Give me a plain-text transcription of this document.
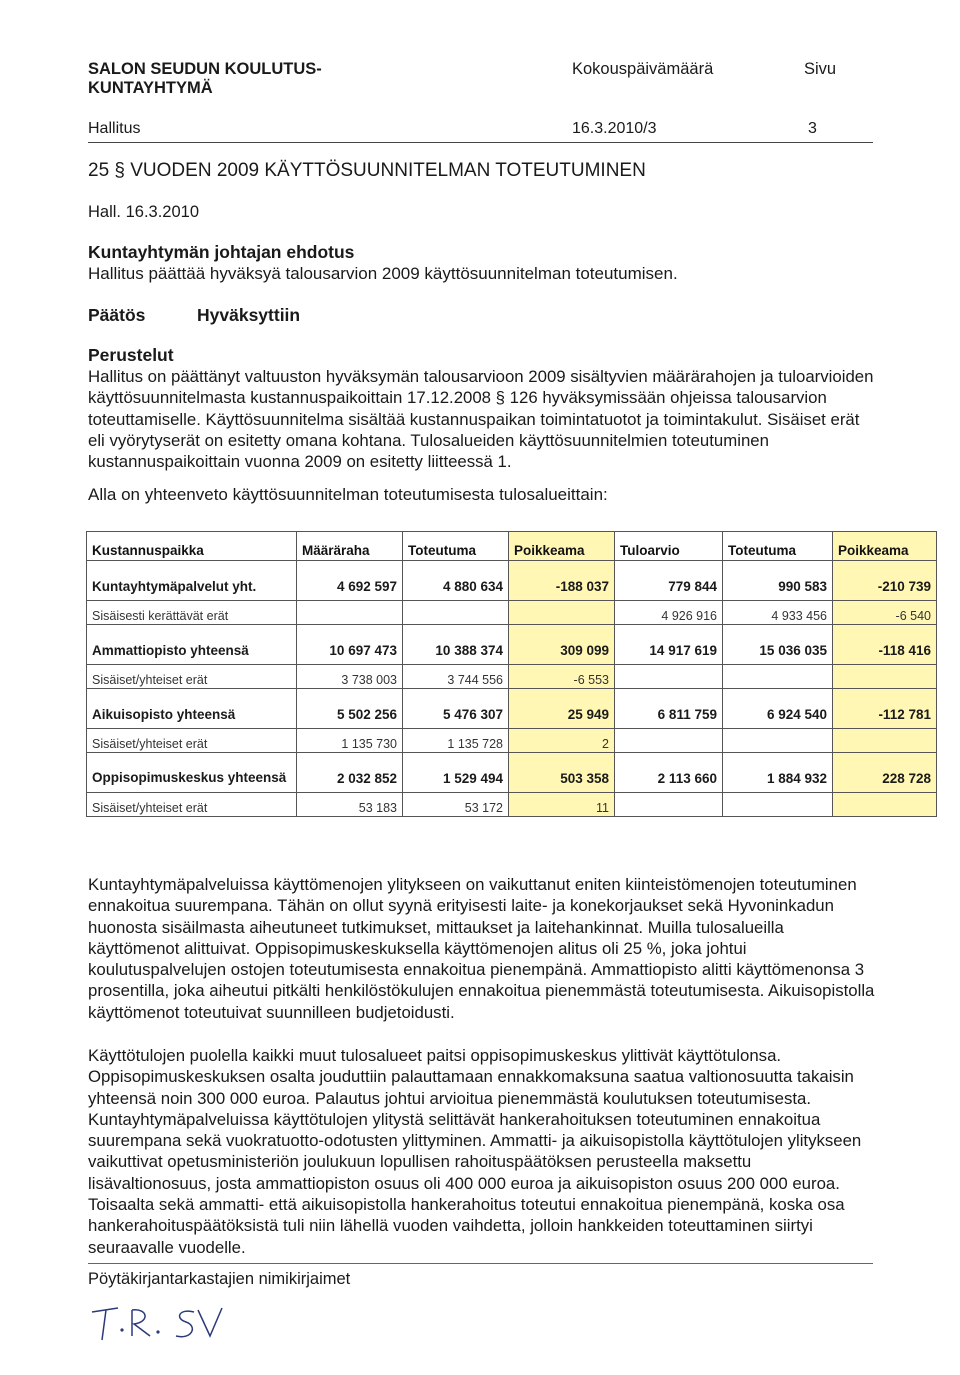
SALON SEUDUN KOULUTUS-
KUNTAYHTYMÄ
Kokouspäivämäärä	Sivu
Hallitus	16.3.2010/3	3
25 § VUODEN 2009 KÄYTTÖSUUNNITELMAN TOTEUTUMINEN
Hall. 16.3.2010
Kuntayhtymän johtajan ehdotus
Hallitus päättää hyväksyä talousarvion 2009 käyttösuunnitelman toteutumisen.
Päätös	Hyväksyttiin
Perustelut

Hallitus on päättänyt valtuuston hyväksymän talousarvioon 2009 sisältyvien määrärahojen ja tuloarvioiden käyttösuunnitelmasta kustannuspaikoittain 17.12.2008 § 126 hyväksymissään ohjeissa talousarvion toteuttamiselle. Käyttösuunnitelma sisältää kustannuspaikan toimintatuotot ja toimintakulut. Sisäiset erät eli vyörytyserät on esitetty omana kohtana. Tulosalueiden käyttösuunnitelmien toteutuminen kustannuspaikoittain vuonna 2009 on esitetty liitteessä 1.

Alla on yhteenveto käyttösuunnitelman toteutumisesta tulosalueittain:
Kustannuspaikka	Määräraha	Toteutuma	Poikkeama	Tuloarvio	Toteutuma	Poikkeama
Kuntayhtymäpalvelut yht.	4 692 597	4 880 634	-188 037	779 844	990 583	-210 739
Sisäisesti kerättävät erät				4 926 916	4 933 456	-6 540
Ammattiopisto yhteensä	10 697 473	10 388 374	309 099	14 917 619	15 036 035	-118 416
Sisäiset/yhteiset erät	3 738 003	3 744 556	-6 553			
Aikuisopisto yhteensä	5 502 256	5 476 307	25 949	6 811 759	6 924 540	-112 781
Sisäiset/yhteiset erät	1 135 730	1 135 728	2			
Oppisopimuskeskus yhteensä	2 032 852	1 529 494	503 358	2 113 660	1 884 932	228 728
Sisäiset/yhteiset erät	53 183	53 172	11			

Kuntayhtymäpalveluissa käyttömenojen ylitykseen on vaikuttanut eniten kiinteistömenojen toteutuminen ennakoitua suurempana. Tähän on ollut syynä erityisesti laite- ja konekorjaukset sekä Hyvoninkadun huonosta sisäilmasta aiheutuneet tutkimukset, mittaukset ja laitehankinnat. Muilla tulosalueilla käyttömenot alittuivat. Oppisopimuskeskuksella käyttömenojen alitus oli 25 %, joka johtui koulutuspalvelujen ostojen toteutumisesta ennakoitua pienempänä. Ammattiopisto alitti käyttömenonsa 3 prosentilla, joka aiheutui pitkälti henkilöstökulujen ennakoitua pienemmästä toteutumisesta. Aikuisopistolla käyttömenot toteutuivat suunnilleen budjetoidusti.

Käyttötulojen puolella kaikki muut tulosalueet paitsi oppisopimuskeskus ylittivät käyttötulonsa. Oppisopimuskeskuksen osalta jouduttiin palauttamaan ennakkomaksuna saatua valtionosuutta takaisin yhteensä noin 300 000 euroa. Palautus johtui arvioitua pienemmästä koulutuksen toteutumisesta. Kuntayhtymäpalveluissa käyttötulojen ylitystä selittävät hankerahoituksen toteutuminen ennakoitua suurempana sekä vuokratuotto-odotusten ylittyminen. Ammatti- ja aikuisopistolla käyttötulojen ylitykseen vaikuttivat opetusministeriön joulukuun lopullisen rahoituspäätöksen perusteella maksettu lisävaltionosuus, josta ammattiopiston osuus oli 400 000 euroa ja aikuisopiston osuus 200 000 euroa. Toisaalta sekä ammatti- että aikuisopistolla hankerahoitus toteutui ennakoitua pienempänä, koska osa hankerahoituspäätöksistä tuli niin lähellä vuoden vaihdetta, jolloin hankkeiden toteuttaminen siirtyi seuraavalle vuodelle.

Pöytäkirjantarkastajien nimikirjaimet
